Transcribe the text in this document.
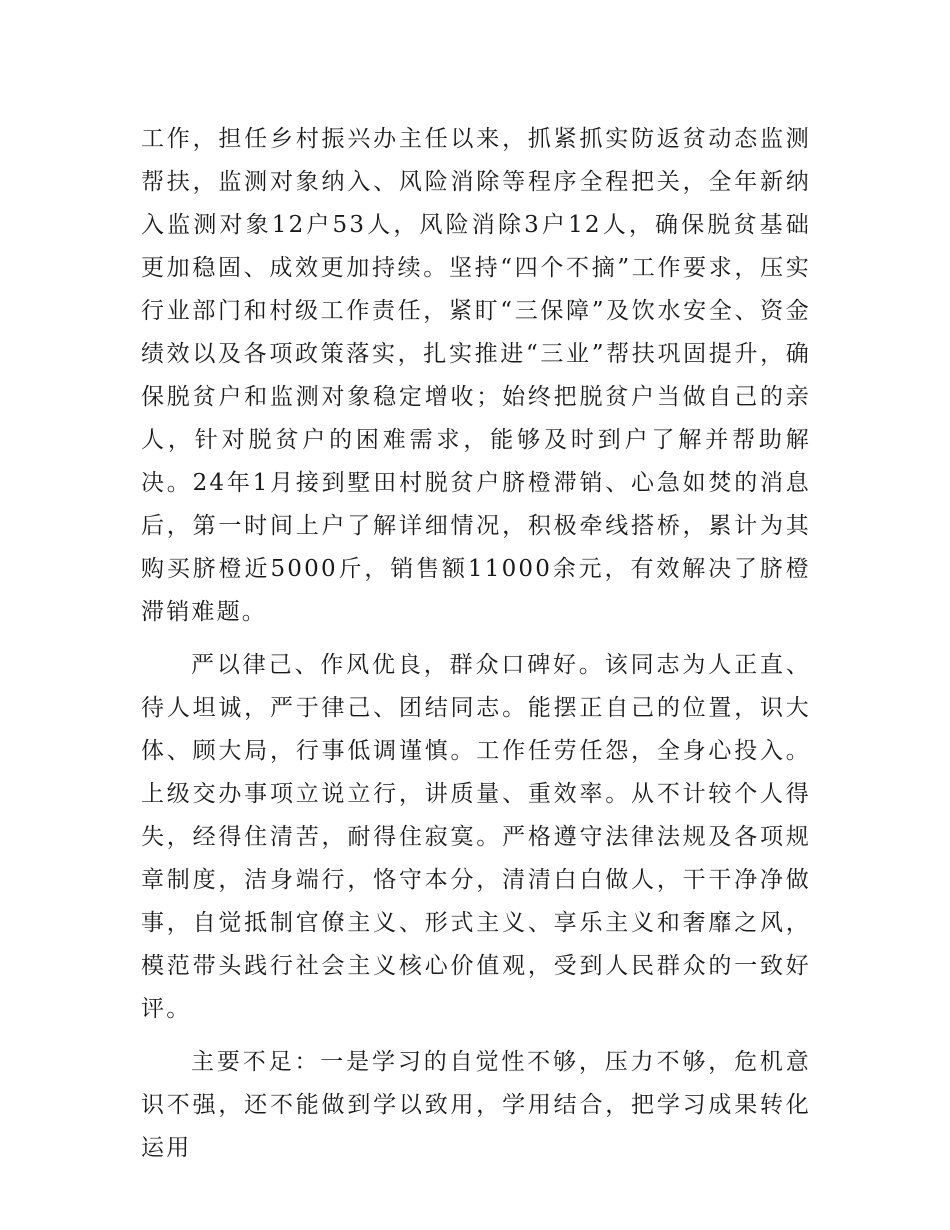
工作，担任乡村振兴办主任以来，抓紧抓实防返贫动态监测帮扶，监测对象纳入、风险消除等程序全程把关，全年新纳入监测对象12户53人，风险消除3户12人，确保脱贫基础更加稳固、成效更加持续。坚持“四个不摘”工作要求，压实行业部门和村级工作责任，紧盯“三保障”及饮水安全、资金绩效以及各项政策落实，扎实推进“三业”帮扶巩固提升，确保脱贫户和监测对象稳定增收；始终把脱贫户当做自己的亲人，针对脱贫户的困难需求，能够及时到户了解并帮助解决。24年1月接到墅田村脱贫户脐橙滞销、心急如焚的消息后，第一时间上户了解详细情况，积极牵线搭桥，累计为其购买脐橙近5000斤，销售额11000余元，有效解决了脐橙滞销难题。

严以律己、作风优良，群众口碑好。该同志为人正直、待人坦诚，严于律己、团结同志。能摆正自己的位置，识大体、顾大局，行事低调谨慎。工作任劳任怨，全身心投入。上级交办事项立说立行，讲质量、重效率。从不计较个人得失，经得住清苦，耐得住寂寞。严格遵守法律法规及各项规章制度，洁身端行，恪守本分，清清白白做人，干干净净做事，自觉抵制官僚主义、形式主义、享乐主义和奢靡之风，模范带头践行社会主义核心价值观，受到人民群众的一致好评。

主要不足：一是学习的自觉性不够，压力不够，危机意识不强，还不能做到学以致用，学用结合，把学习成果转化运用
